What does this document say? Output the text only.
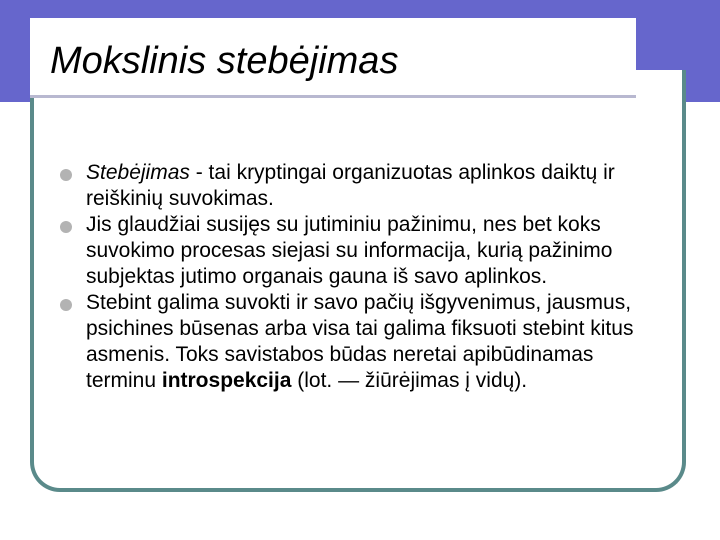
Mokslinis stebėjimas
Stebėjimas - tai kryptingai organizuotas aplinkos daiktų ir reiškinių suvokimas.
Jis glaudžiai susijęs su jutiminiu pažinimu, nes bet koks suvokimo procesas siejasi su informacija, kurią pažinimo subjektas jutimo organais gauna iš savo aplinkos.
Stebint galima suvokti ir savo pačių išgyvenimus, jausmus, psichines būsenas arba visa tai galima fiksuoti stebint kitus asmenis. Toks savistabos būdas neretai apibūdinamas terminu introspekcija (lot. — žiūrėjimas į vidų).
